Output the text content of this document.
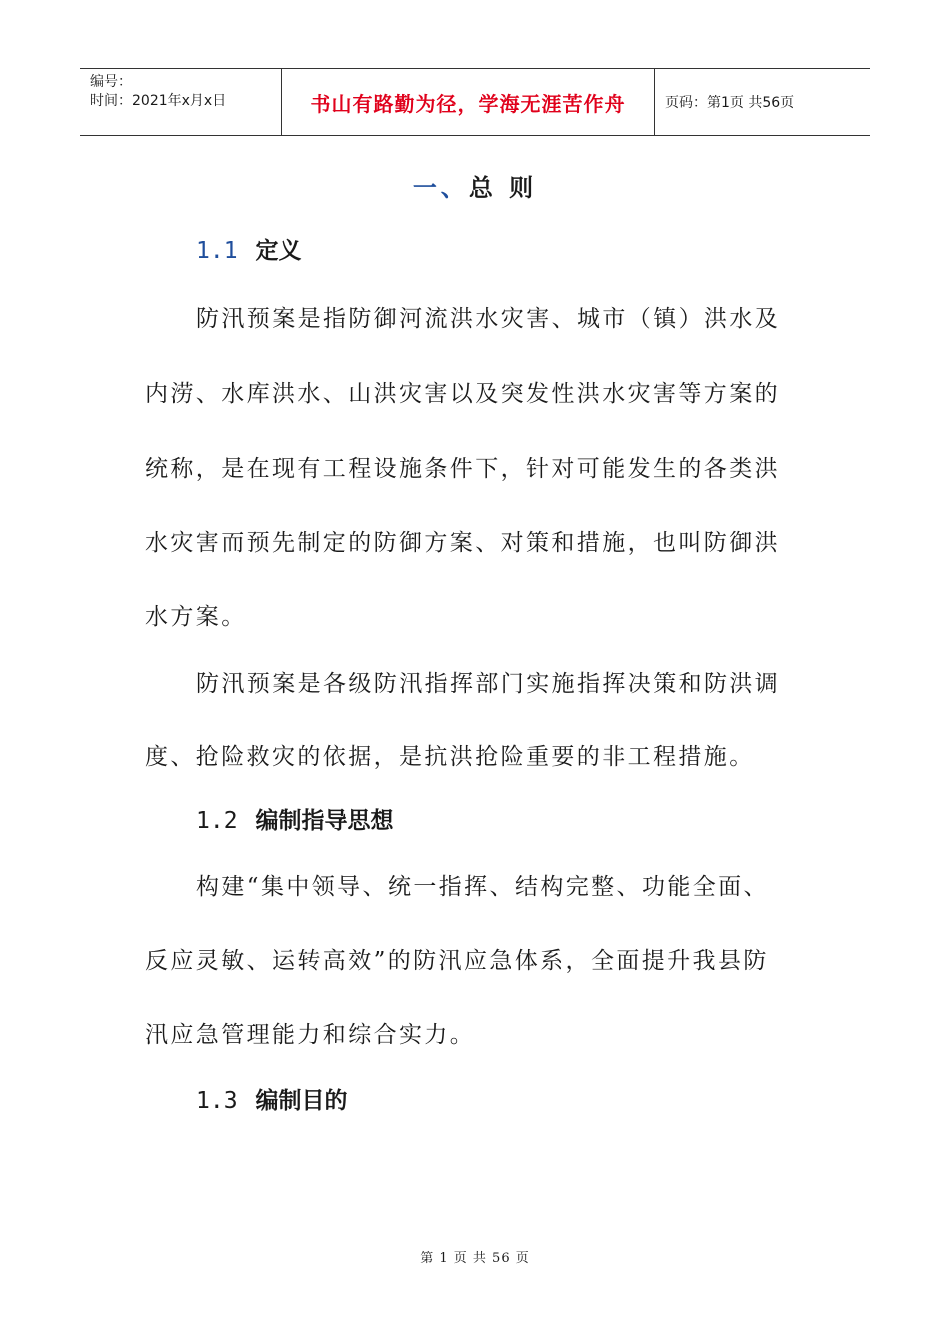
编号：
时间：2021年x月x日	书山有路勤为径，学海无涯苦作舟	页码：第1页 共56页
一、总 则
1.1 定义
防汛预案是指防御河流洪水灾害、城市（镇）洪水及
内涝、水库洪水、山洪灾害以及突发性洪水灾害等方案的
统称，是在现有工程设施条件下，针对可能发生的各类洪
水灾害而预先制定的防御方案、对策和措施，也叫防御洪
水方案。
防汛预案是各级防汛指挥部门实施指挥决策和防洪调
度、抢险救灾的依据，是抗洪抢险重要的非工程措施。
1.2 编制指导思想
构建“集中领导、统一指挥、结构完整、功能全面、
反应灵敏、运转高效”的防汛应急体系，全面提升我县防
汛应急管理能力和综合实力。
1.3 编制目的
第 1 页 共 56 页
